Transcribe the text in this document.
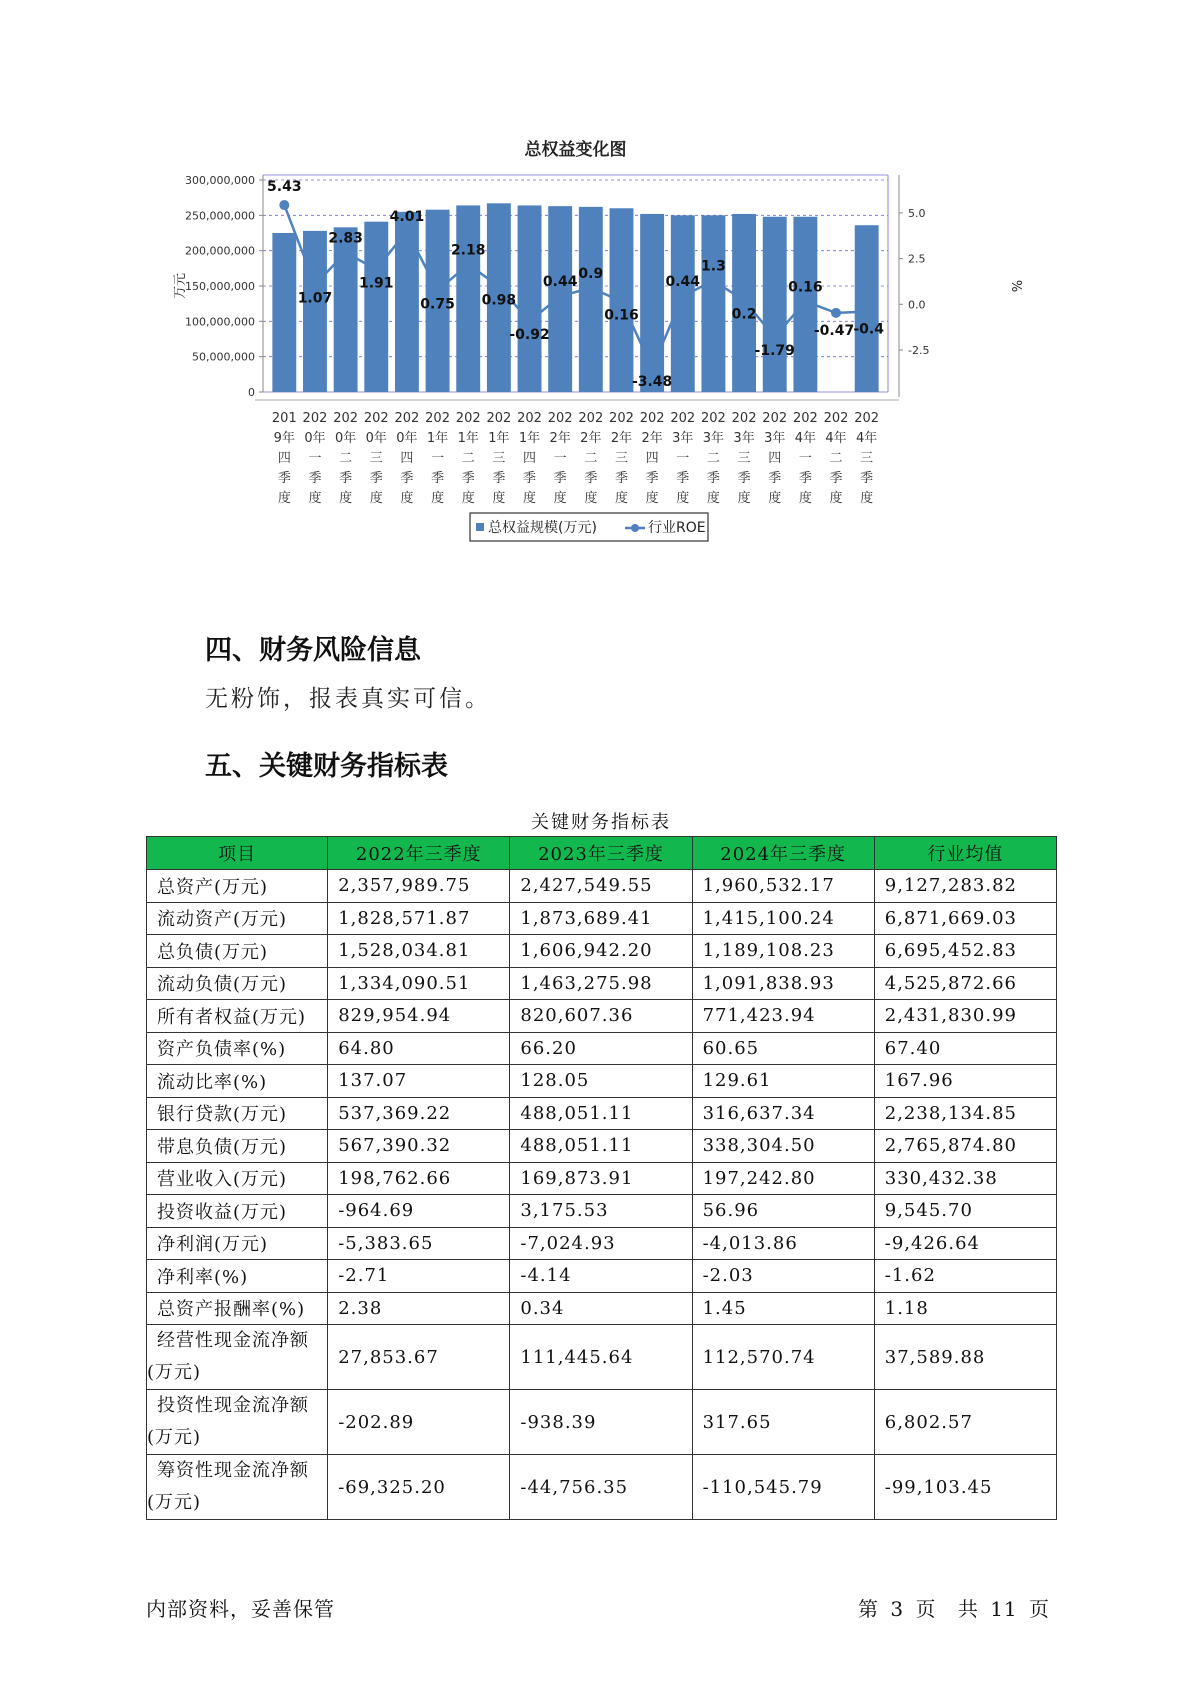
总权益变化图
300,000,000
250,000,000
200,000,000
150,000,000
100,000,000
50,000,000
0
5.0
2.5
0.0
-2.5
万元	%
5.43
1.07
2.83
1.91
4.01
0.75
2.18
0.98
-0.92
0.44
0.9
0.16
-3.48
0.44
1.3
0.2
-1.79
0.16
-0.47 -0.4
201
9年
四
季
度
202
0年
一
季
度
202
0年
二
季
度
202
0年
三
季
度
202
0年
四
季
度
202
1年
一
季
度
202
1年
二
季
度
202
1年
三
季
度
202
1年
四
季
度
202
2年
一
季
度
202
2年
二
季
度
202
2年
三
季
度
202
2年
四
季
度
202
3年
一
季
度
202
3年
二
季
度
202
3年
三
季
度
202
3年
四
季
度
202
4年
一
季
度
202
4年
二
季
度
202
4年
三
季
度
总权益规模(万元)	行业ROE
四、财务风险信息
无粉饰，报表真实可信。
五、关键财务指标表
关键财务指标表
项目	2022年三季度	2023年三季度	2024年三季度	行业均值
总资产(万元)	2,357,989.75	2,427,549.55	1,960,532.17	9,127,283.82
流动资产(万元)	1,828,571.87	1,873,689.41	1,415,100.24	6,871,669.03
总负债(万元)	1,528,034.81	1,606,942.20	1,189,108.23	6,695,452.83
流动负债(万元)	1,334,090.51	1,463,275.98	1,091,838.93	4,525,872.66
所有者权益(万元)	829,954.94	820,607.36	771,423.94	2,431,830.99
资产负债率(%)	64.80	66.20	60.65	67.40
流动比率(%)	137.07	128.05	129.61	167.96
银行贷款(万元)	537,369.22	488,051.11	316,637.34	2,238,134.85
带息负债(万元)	567,390.32	488,051.11	338,304.50	2,765,874.80
营业收入(万元)	198,762.66	169,873.91	197,242.80	330,432.38
投资收益(万元)	-964.69	3,175.53	56.96	9,545.70
净利润(万元)	-5,383.65	-7,024.93	-4,013.86	-9,426.64
净利率(%)	-2.71	-4.14	-2.03	-1.62
总资产报酬率(%)	2.38	0.34	1.45	1.18
经营性现金流净额(万元)	27,853.67	111,445.64	112,570.74	37,589.88
投资性现金流净额(万元)	-202.89	-938.39	317.65	6,802.57
筹资性现金流净额(万元)	-69,325.20	-44,756.35	-110,545.79	-99,103.45
内部资料，妥善保管	第 3 页 共 11 页
